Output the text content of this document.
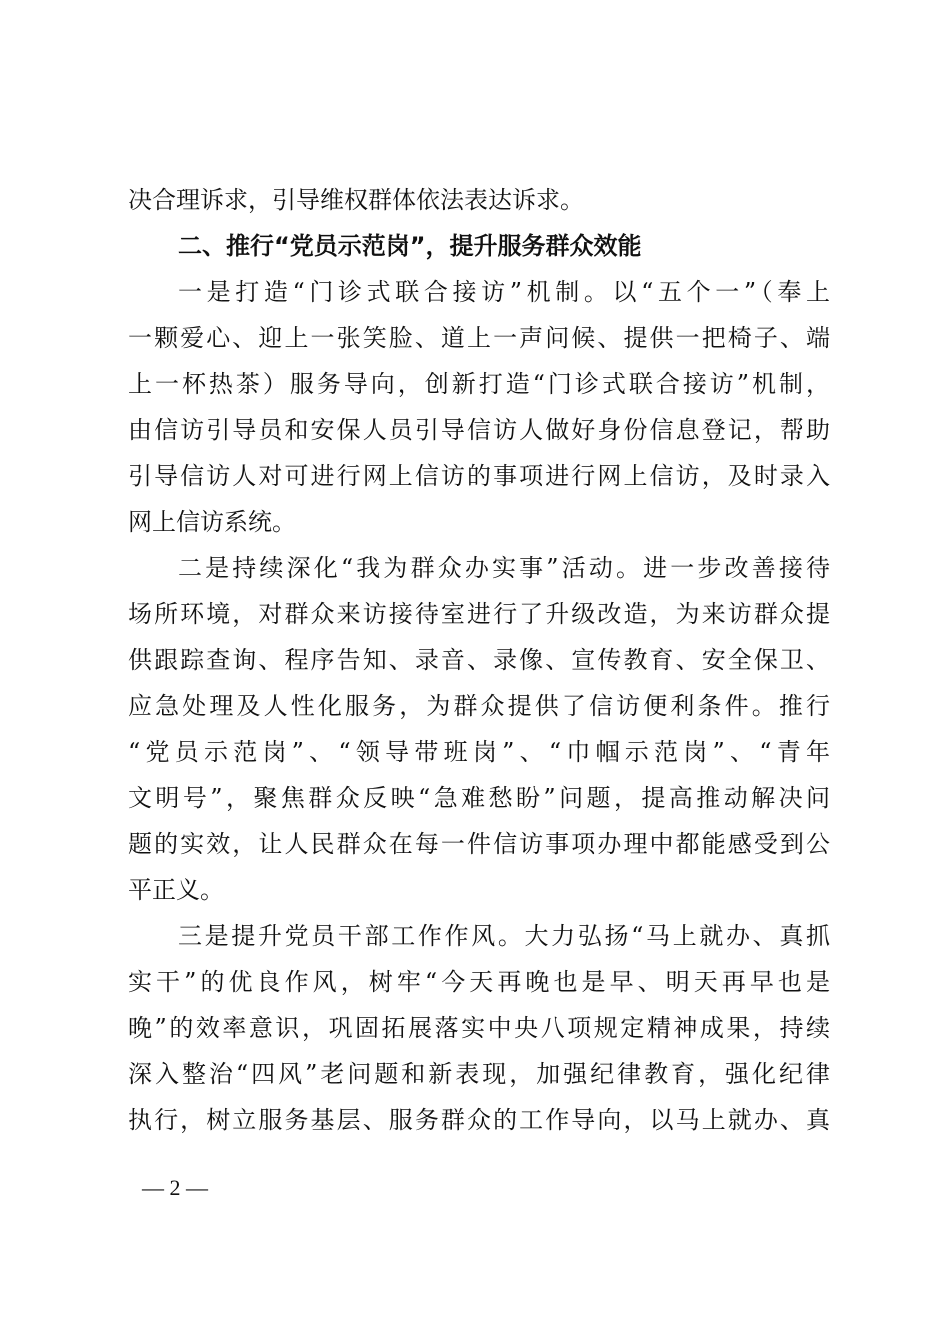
决合理诉求，引导维权群体依法表达诉求。
二、推行“党员示范岗”，提升服务群众效能
一是打造“门诊式联合接访”机制。以“五个一”（奉上
一颗爱心、迎上一张笑脸、道上一声问候、提供一把椅子、端
上一杯热茶）服务导向，创新打造“门诊式联合接访”机制，
由信访引导员和安保人员引导信访人做好身份信息登记，帮助
引导信访人对可进行网上信访的事项进行网上信访，及时录入
网上信访系统。
二是持续深化“我为群众办实事”活动。进一步改善接待
场所环境，对群众来访接待室进行了升级改造，为来访群众提
供跟踪查询、程序告知、录音、录像、宣传教育、安全保卫、
应急处理及人性化服务，为群众提供了信访便利条件。推行
“党员示范岗”、“领导带班岗”、“巾帼示范岗”、“青年
文明号”，聚焦群众反映“急难愁盼”问题，提高推动解决问
题的实效，让人民群众在每一件信访事项办理中都能感受到公
平正义。
三是提升党员干部工作作风。大力弘扬“马上就办、真抓
实干”的优良作风，树牢“今天再晚也是早、明天再早也是
晚”的效率意识，巩固拓展落实中央八项规定精神成果，持续
深入整治“四风”老问题和新表现，加强纪律教育，强化纪律
执行，树立服务基层、服务群众的工作导向，以马上就办、真
— 2 —
